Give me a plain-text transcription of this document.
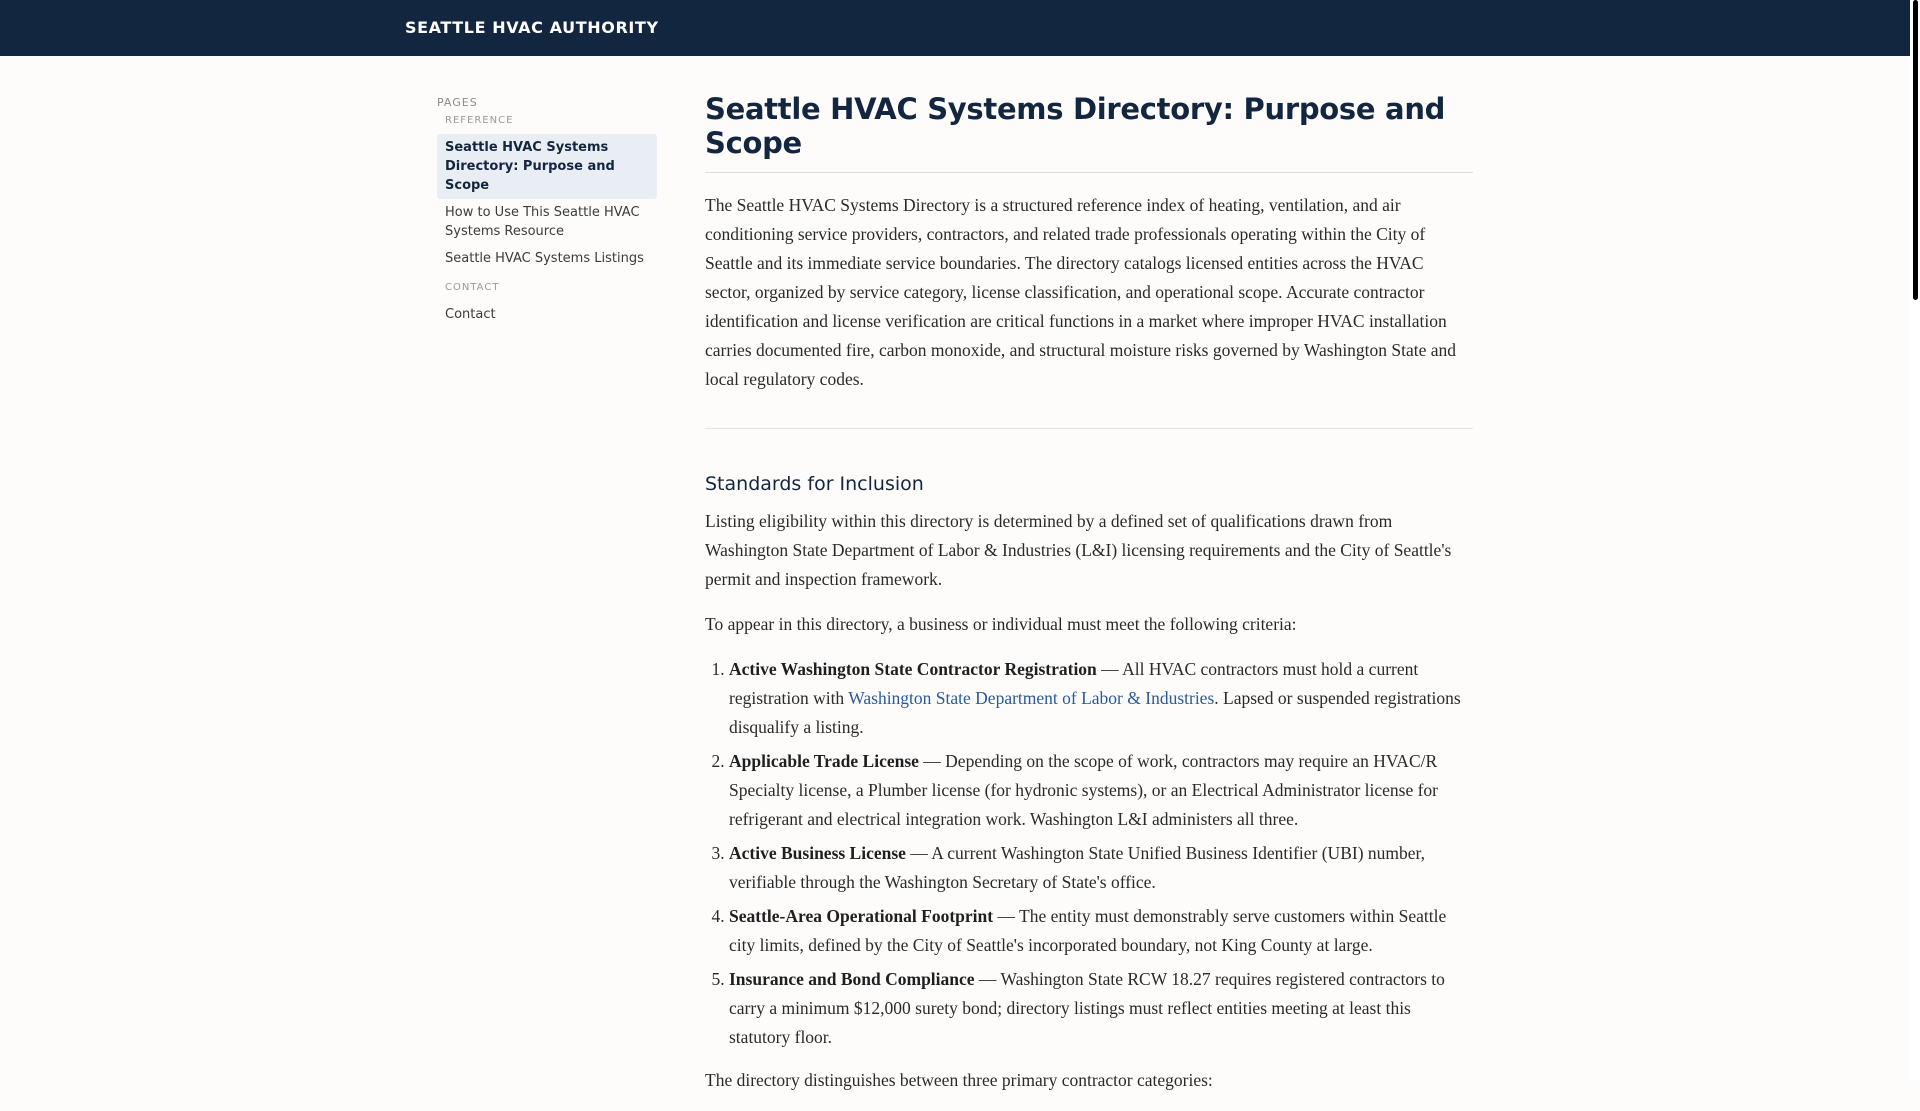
SEATTLE HVAC AUTHORITY
PAGES
REFERENCE
Seattle HVAC Systems Directory: Purpose and Scope
How to Use This Seattle HVAC Systems Resource
Seattle HVAC Systems Listings
CONTACT
Contact
Seattle HVAC Systems Directory: Purpose and Scope

The Seattle HVAC Systems Directory is a structured reference index of heating, ventilation, and air conditioning service providers, contractors, and related trade professionals operating within the City of Seattle and its immediate service boundaries. The directory catalogs licensed entities across the HVAC sector, organized by service category, license classification, and operational scope. Accurate contractor identification and license verification are critical functions in a market where improper HVAC installation carries documented fire, carbon monoxide, and structural moisture risks governed by Washington State and local regulatory codes.

Standards for Inclusion

Listing eligibility within this directory is determined by a defined set of qualifications drawn from Washington State Department of Labor & Industries (L&I) licensing requirements and the City of Seattle's permit and inspection framework.

To appear in this directory, a business or individual must meet the following criteria:

1. Active Washington State Contractor Registration — All HVAC contractors must hold a current registration with Washington State Department of Labor & Industries. Lapsed or suspended registrations disqualify a listing.
2. Applicable Trade License — Depending on the scope of work, contractors may require an HVAC/R Specialty license, a Plumber license (for hydronic systems), or an Electrical Administrator license for refrigerant and electrical integration work. Washington L&I administers all three.
3. Active Business License — A current Washington State Unified Business Identifier (UBI) number, verifiable through the Washington Secretary of State's office.
4. Seattle-Area Operational Footprint — The entity must demonstrably serve customers within Seattle city limits, defined by the City of Seattle's incorporated boundary, not King County at large.
5. Insurance and Bond Compliance — Washington State RCW 18.27 requires registered contractors to carry a minimum $12,000 surety bond; directory listings must reflect entities meeting at least this statutory floor.

The directory distinguishes between three primary contractor categories:
